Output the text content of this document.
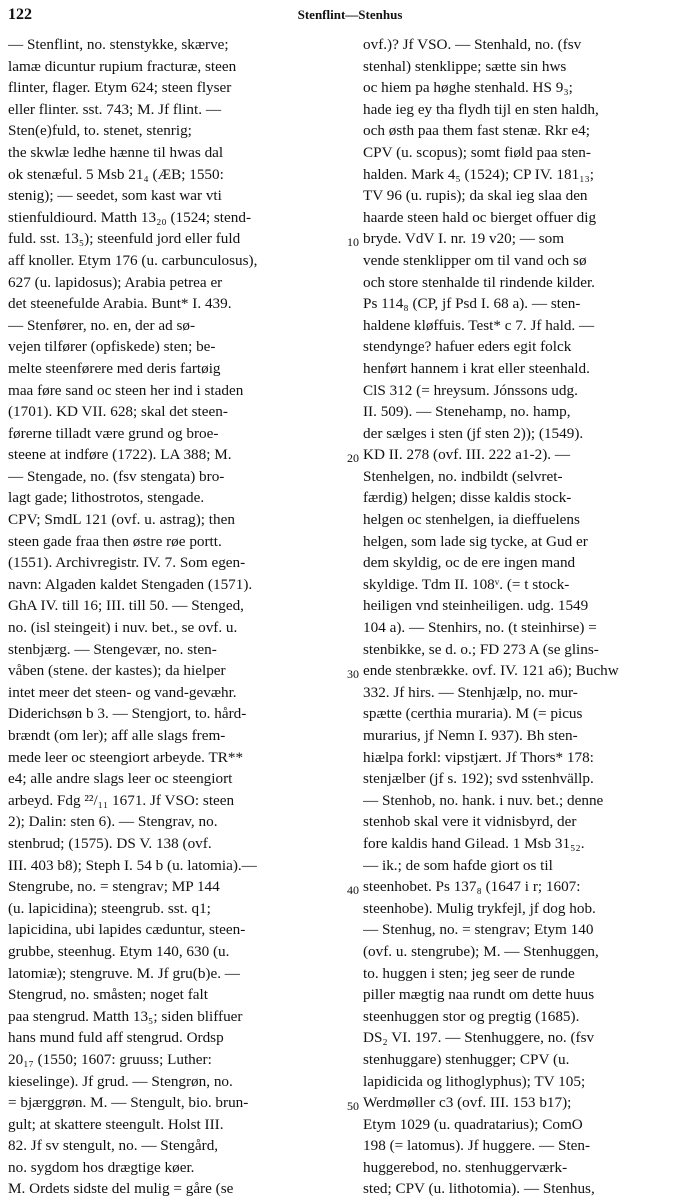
122	Stenflint—Stenhus
— Stenflint, no. stenstykke, skærve;
lamæ dicuntur rupium fracturæ, steen
flinter, flager. Etym 624; steen flyser
eller flinter. sst. 743; M. Jf flint. —
Sten(e)fuld, to. stenet, stenrig;
the skwlæ ledhe hænne til hwas dal
ok stenæful. 5 Msb 21₄ (ÆB; 1550:
stenig); — seedet, som kast war vti
stienfuldiourd. Matth 13₂₀ (1524; stend-
fuld. sst. 13₅); steenfuld jord eller fuld
aff knoller. Etym 176 (u. carbunculosus),
627 (u. lapidosus); Arabia petrea er
det steenefulde Arabia. Bunt* I. 439.
— Stenfører, no. en, der ad sø-
vejen tilfører (opfiskede) sten; be-
melte steenførere med deris fartøig
maa føre sand oc steen her ind i staden
(1701). KD VII. 628; skal det steen-
førerne tilladt være grund og broe-
steene at indføre (1722). LA 388; M.
— Stengade, no. (fsv stengata) bro-
lagt gade; lithostrotos, stengade.
CPV; SmdL 121 (ovf. u. astrag); then
steen gade fraa then østre røe portt.
(1551). Archivregistr. IV. 7. Som egen-
navn: Algaden kaldet Stengaden (1571).
GhA IV. till 16; III. till 50. — Stenged,
no. (isl steingeit) i nuv. bet., se ovf. u.
stenbjærg. — Stengevær, no. sten-
våben (stene. der kastes); da hielper
intet meer det steen- og vand-gevæhr.
Diderichsøn b 3. — Stengjort, to. hård-
brændt (om ler); aff alle slags frem-
mede leer oc steengiort arbeyde. TR**
e4; alle andre slags leer oc steengiort
arbeyd. Fdg ²²/₁₁ 1671. Jf VSO: steen
2); Dalin: sten 6). — Stengrav, no.
stenbrud; (1575). DS V. 138 (ovf.
III. 403 b8); Steph I. 54 b (u. latomia).—
Stengrube, no. = stengrav; MP 144
(u. lapicidina); steengrub. sst. q1;
lapicidina, ubi lapides cæduntur, steen-
grubbe, steenhug. Etym 140, 630 (u.
latomiæ); stengruve. M. Jf gru(b)e. —
Stengrud, no. småsten; noget falt
paa stengrud. Matth 13₅; siden bliffuer
hans mund fuld aff stengrud. Ordsp
20₁₇ (1550; 1607: gruuss; Luther:
kieselinge). Jf grud. — Stengrøn, no.
= bjærggrøn. M. — Stengult, bio. brun-
gult; at skattere steengult. Holst III.
82. Jf sv stengult, no. — Stengård,
no. sygdom hos drægtige køer.
M. Ordets sidste del mulig = gåre (se
10
20
30
40
50
ovf.)? Jf VSO. — Stenhald, no. (fsv
stenhal) stenklippe; sætte sin hws
oc hiem pa høghe stenhald. HS 9₃;
hade ieg ey tha flydh tijl en sten haldh,
och østh paa them fast stenæ. Rkr e4;
CPV (u. scopus); somt fiøld paa sten-
halden. Mark 4₅ (1524); CP IV. 181₁₃;
TV 96 (u. rupis); da skal ieg slaa den
haarde steen hald oc bierget offuer dig
bryde. VdV I. nr. 19 v20; — som
vende stenklipper om til vand och sø
och store stenhalde til rindende kilder.
Ps 114₈ (CP, jf Psd I. 68 a). — sten-
haldene kløffuis. Test* c 7. Jf hald. —
stendynge? hafuer eders egit folck
henført hannem i krat eller steenhald.
ClS 312 (= hreysum. Jónssons udg.
II. 509). — Stenehamp, no. hamp,
der sælges i sten (jf sten 2)); (1549).
KD II. 278 (ovf. III. 222 a1-2). —
Stenhelgen, no. indbildt (selvret-
færdig) helgen; disse kaldis stock-
helgen oc stenhelgen, ia dieffuelens
helgen, som lade sig tycke, at Gud er
dem skyldig, oc de ere ingen mand
skyldige. Tdm II. 108ᵛ. (= t stock-
heiligen vnd steinheiligen. udg. 1549
104 a). — Stenhirs, no. (t steinhirse) =
stenbikke, se d. o.; FD 273 A (se glins-
ende stenbrække. ovf. IV. 121 a6); Buchw
332. Jf hirs. — Stenhjælp, no. mur-
spætte (certhia muraria). M (= picus
murarius, jf Nemn I. 937). Bh sten-
hiælpa forkl: vipstjært. Jf Thors* 178:
stenjælber (jf s. 192); svd sstenhvällp.
— Stenhob, no. hank. i nuv. bet.; denne
stenhob skal vere it vidnisbyrd, der
fore kaldis hand Gilead. 1 Msb 31₅₂.
— ik.; de som hafde giort os til
steenhobet. Ps 137₈ (1647 i r; 1607:
steenhobe). Mulig trykfejl, jf dog hob.
— Stenhug, no. = stengrav; Etym 140
(ovf. u. stengrube); M. — Stenhuggen,
to. huggen i sten; jeg seer de runde
piller mægtig naa rundt om dette huus
steenhuggen stor og pregtig (1685).
DS₂ VI. 197. — Stenhuggere, no. (fsv
stenhuggare) stenhugger; CPV (u.
lapidicida og lithoglyphus); TV 105;
Werdmøller c3 (ovf. III. 153 b17);
Etym 1029 (u. quadratarius); ComO
198 (= latomus). Jf huggere. — Sten-
huggerebod, no. stenhuggerværk-
sted; CPV (u. lithotomia). — Stenhus,
